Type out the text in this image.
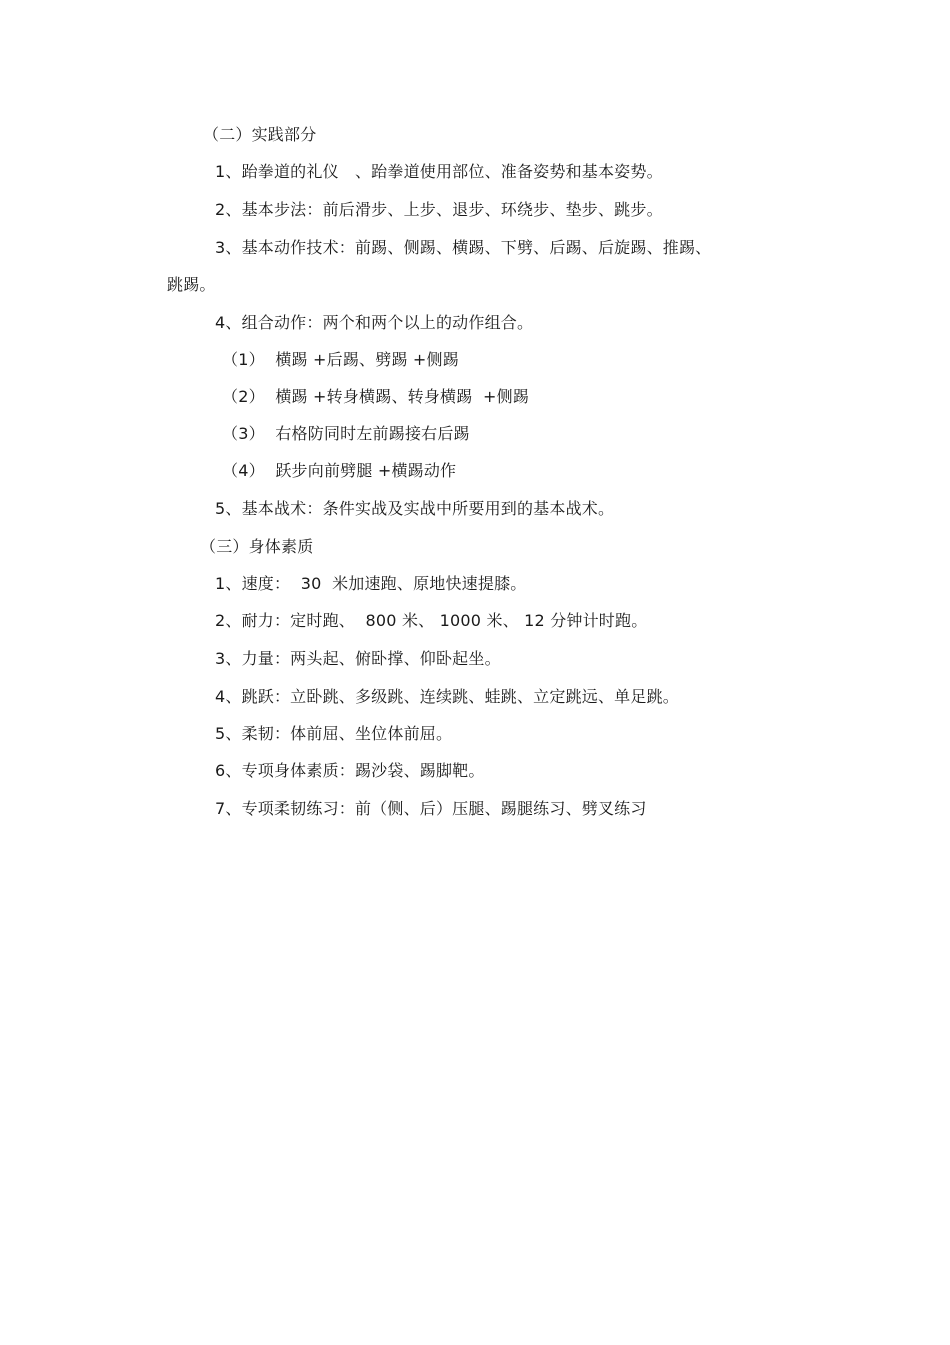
（二）实践部分
1、跆拳道的礼仪　、跆拳道使用部位、准备姿势和基本姿势。
2、基本步法：前后滑步、上步、退步、环绕步、垫步、跳步。
3、基本动作技术：前踢、侧踢、横踢、下劈、后踢、后旋踢、推踢、
跳踢。
4、组合动作：两个和两个以上的动作组合。
（1）  横踢 +后踢、劈踢 +侧踢
（2）  横踢 +转身横踢、转身横踢  +侧踢
（3）  右格防同时左前踢接右后踢
（4）  跃步向前劈腿 +横踢动作
5、基本战术：条件实战及实战中所要用到的基本战术。
（三）身体素质
1、速度：  30  米加速跑、原地快速提膝。
2、耐力：定时跑、  800 米、 1000 米、 12 分钟计时跑。
3、力量：两头起、俯卧撑、仰卧起坐。
4、跳跃：立卧跳、多级跳、连续跳、蛙跳、立定跳远、单足跳。
5、柔韧：体前屈、坐位体前屈。
6、专项身体素质：踢沙袋、踢脚靶。
7、专项柔韧练习：前（侧、后）压腿、踢腿练习、劈叉练习
